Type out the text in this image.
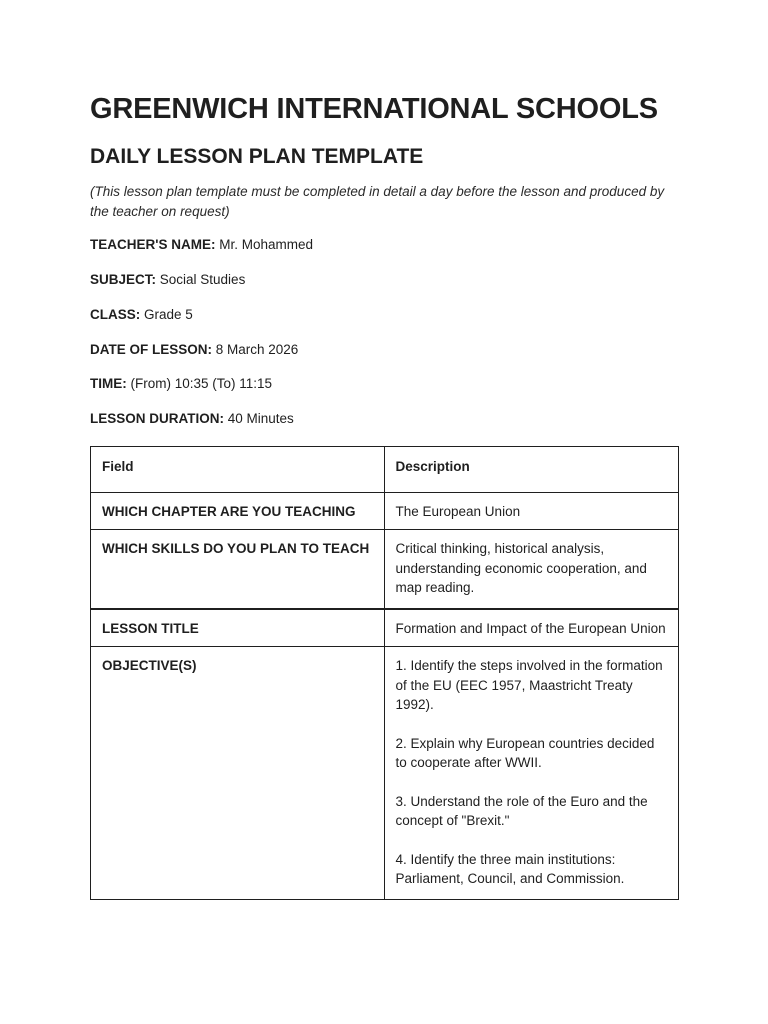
GREENWICH INTERNATIONAL SCHOOLS
DAILY LESSON PLAN TEMPLATE

(This lesson plan template must be completed in detail a day before the lesson and produced by the teacher on request)

TEACHER'S NAME: Mr. Mohammed
SUBJECT: Social Studies
CLASS: Grade 5
DATE OF LESSON: 8 March 2026
TIME: (From) 10:35 (To) 11:15
LESSON DURATION: 40 Minutes
Field	Description
WHICH CHAPTER ARE YOU TEACHING	The European Union
WHICH SKILLS DO YOU PLAN TO TEACH	Critical thinking, historical analysis, understanding economic cooperation, and map reading.
LESSON TITLE	Formation and Impact of the European Union
OBJECTIVE(S)	1. Identify the steps involved in the formation of the EU (EEC 1957, Maastricht Treaty 1992).
2. Explain why European countries decided to cooperate after WWII.
3. Understand the role of the Euro and the concept of "Brexit."
4. Identify the three main institutions: Parliament, Council, and Commission.
